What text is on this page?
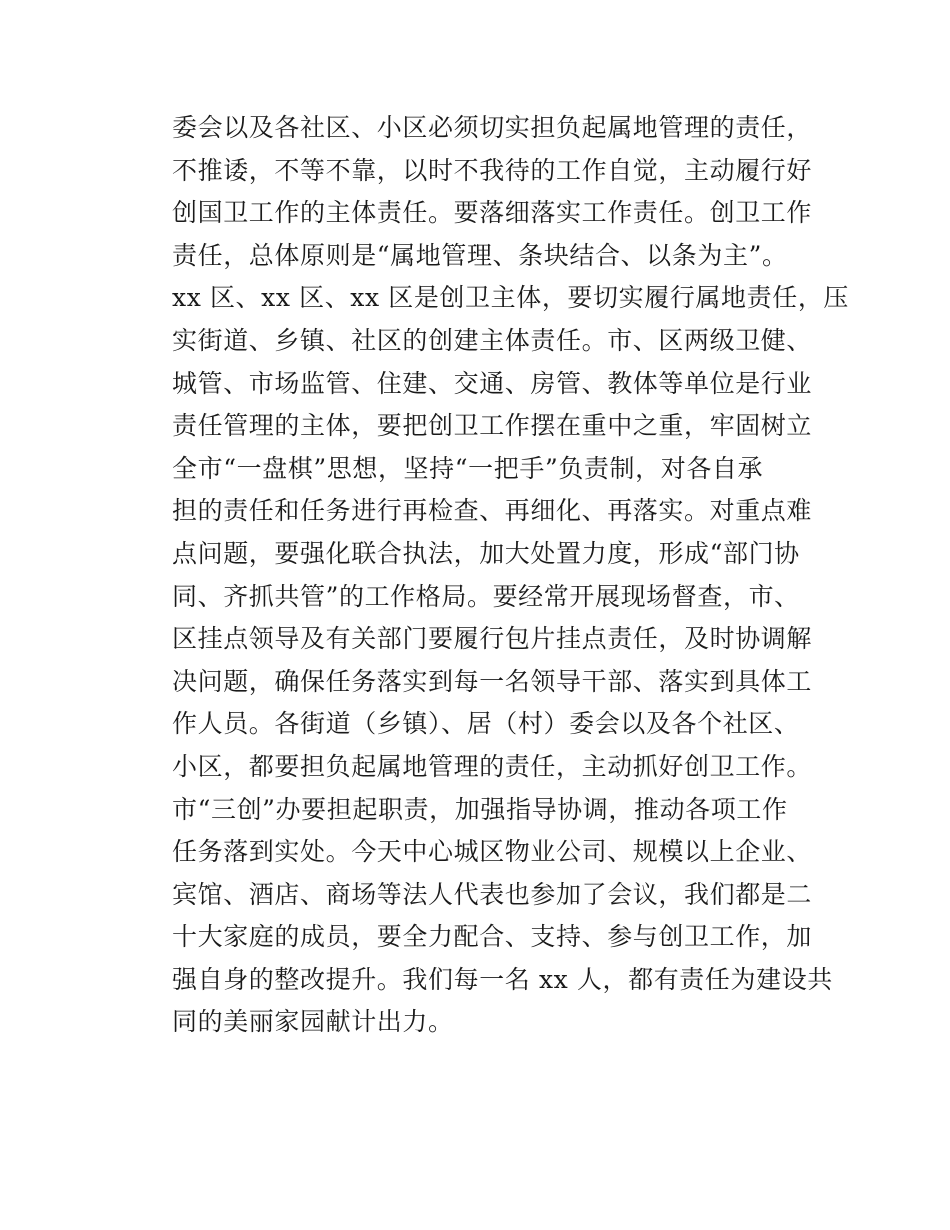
委会以及各社区、小区必须切实担负起属地管理的责任，
不推诿，不等不靠，以时不我待的工作自觉，主动履行好
创国卫工作的主体责任。要落细落实工作责任。创卫工作
责任，总体原则是“属地管理、条块结合、以条为主”。
xx 区、xx 区、xx 区是创卫主体，要切实履行属地责任，压
实街道、乡镇、社区的创建主体责任。市、区两级卫健、
城管、市场监管、住建、交通、房管、教体等单位是行业
责任管理的主体，要把创卫工作摆在重中之重，牢固树立
全市“一盘棋”思想，坚持“一把手”负责制，对各自承
担的责任和任务进行再检查、再细化、再落实。对重点难
点问题，要强化联合执法，加大处置力度，形成“部门协
同、齐抓共管”的工作格局。要经常开展现场督查，市、
区挂点领导及有关部门要履行包片挂点责任，及时协调解
决问题，确保任务落实到每一名领导干部、落实到具体工
作人员。各街道（乡镇）、居（村）委会以及各个社区、
小区，都要担负起属地管理的责任，主动抓好创卫工作。
市“三创”办要担起职责，加强指导协调，推动各项工作
任务落到实处。今天中心城区物业公司、规模以上企业、
宾馆、酒店、商场等法人代表也参加了会议，我们都是二
十大家庭的成员，要全力配合、支持、参与创卫工作，加
强自身的整改提升。我们每一名 xx 人，都有责任为建设共
同的美丽家园献计出力。
